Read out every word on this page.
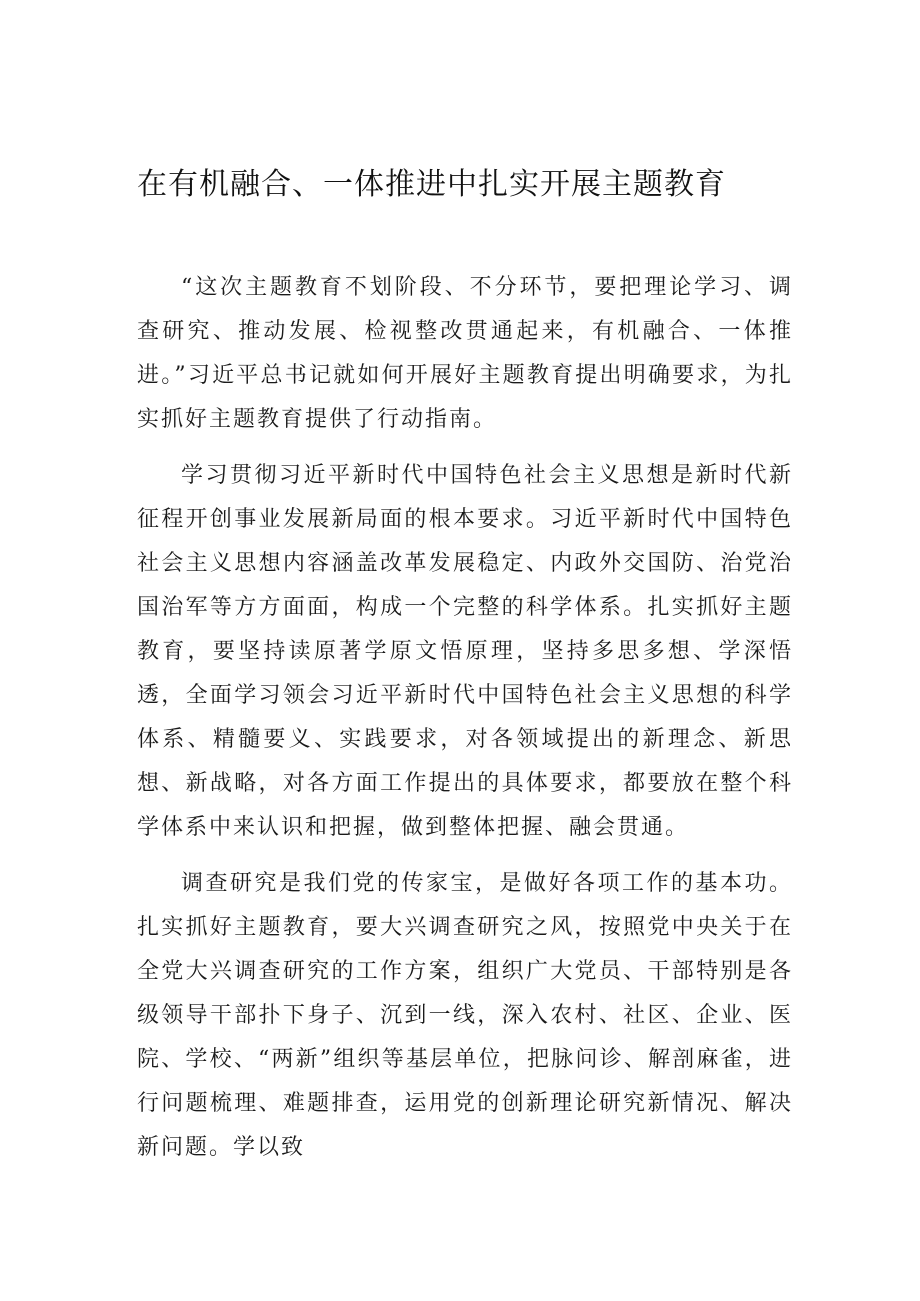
在有机融合、一体推进中扎实开展主题教育

“这次主题教育不划阶段、不分环节，要把理论学习、调查研究、推动发展、检视整改贯通起来，有机融合、一体推进。”习近平总书记就如何开展好主题教育提出明确要求，为扎实抓好主题教育提供了行动指南。

学习贯彻习近平新时代中国特色社会主义思想是新时代新征程开创事业发展新局面的根本要求。习近平新时代中国特色社会主义思想内容涵盖改革发展稳定、内政外交国防、治党治国治军等方方面面，构成一个完整的科学体系。扎实抓好主题教育，要坚持读原著学原文悟原理，坚持多思多想、学深悟透，全面学习领会习近平新时代中国特色社会主义思想的科学体系、精髓要义、实践要求，对各领域提出的新理念、新思想、新战略，对各方面工作提出的具体要求，都要放在整个科学体系中来认识和把握，做到整体把握、融会贯通。

调查研究是我们党的传家宝，是做好各项工作的基本功。扎实抓好主题教育，要大兴调查研究之风，按照党中央关于在全党大兴调查研究的工作方案，组织广大党员、干部特别是各级领导干部扑下身子、沉到一线，深入农村、社区、企业、医院、学校、“两新”组织等基层单位，把脉问诊、解剖麻雀，进行问题梳理、难题排查，运用党的创新理论研究新情况、解决新问题。学以致
